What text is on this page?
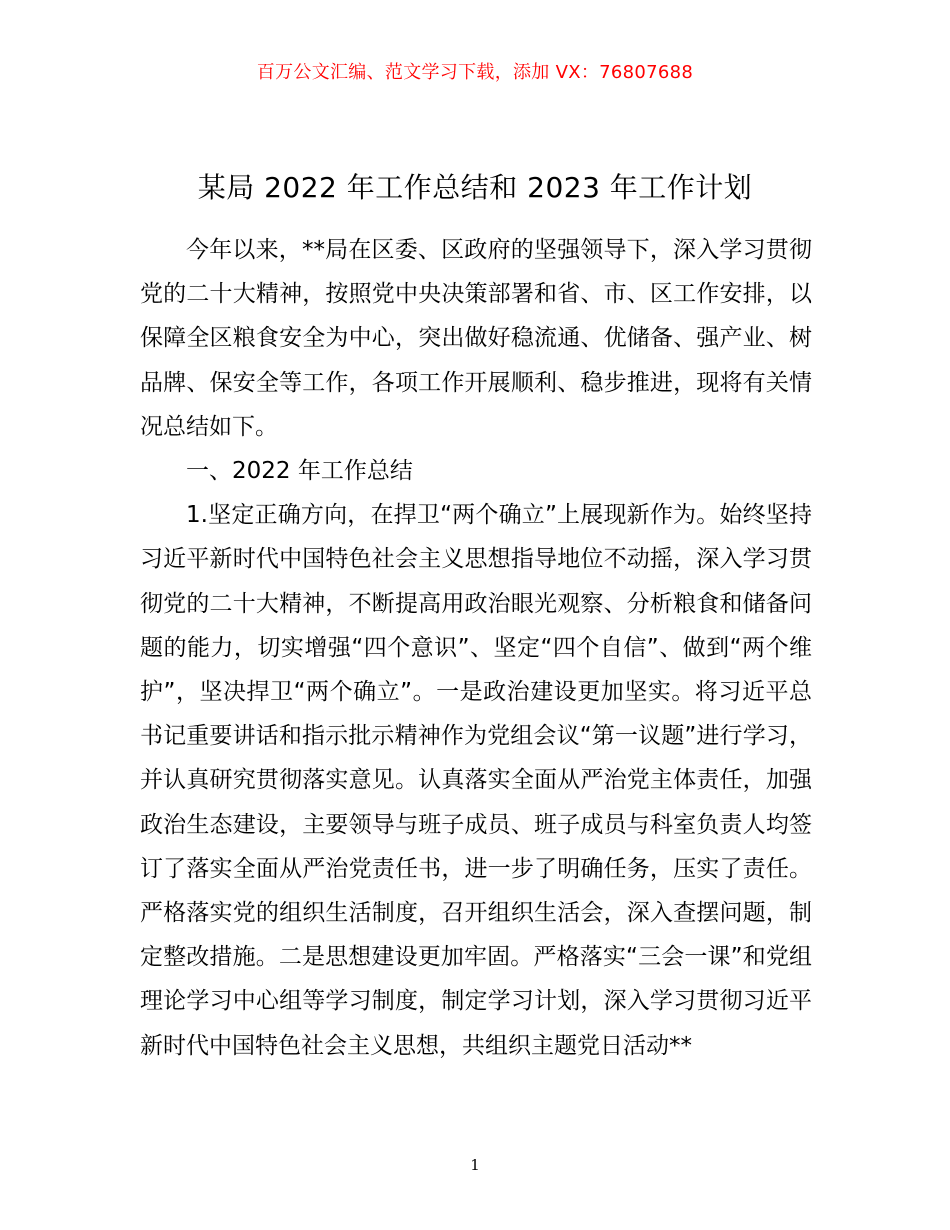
百万公文汇编、范文学习下载，添加 VX：76807688
某局 2022 年工作总结和 2023 年工作计划

今年以来，**局在区委、区政府的坚强领导下，深入学习贯彻党的二十大精神，按照党中央决策部署和省、市、区工作安排，以保障全区粮食安全为中心，突出做好稳流通、优储备、强产业、树品牌、保安全等工作，各项工作开展顺利、稳步推进，现将有关情况总结如下。

一、2022 年工作总结

1.坚定正确方向，在捍卫“两个确立”上展现新作为。始终坚持习近平新时代中国特色社会主义思想指导地位不动摇，深入学习贯彻党的二十大精神，不断提高用政治眼光观察、分析粮食和储备问题的能力，切实增强“四个意识”、坚定“四个自信”、做到“两个维护”，坚决捍卫“两个确立”。一是政治建设更加坚实。将习近平总书记重要讲话和指示批示精神作为党组会议“第一议题”进行学习，并认真研究贯彻落实意见。认真落实全面从严治党主体责任，加强政治生态建设，主要领导与班子成员、班子成员与科室负责人均签订了落实全面从严治党责任书，进一步了明确任务，压实了责任。严格落实党的组织生活制度，召开组织生活会，深入查摆问题，制定整改措施。二是思想建设更加牢固。严格落实“三会一课”和党组理论学习中心组等学习制度，制定学习计划，深入学习贯彻习近平新时代中国特色社会主义思想，共组织主题党日活动**

1
